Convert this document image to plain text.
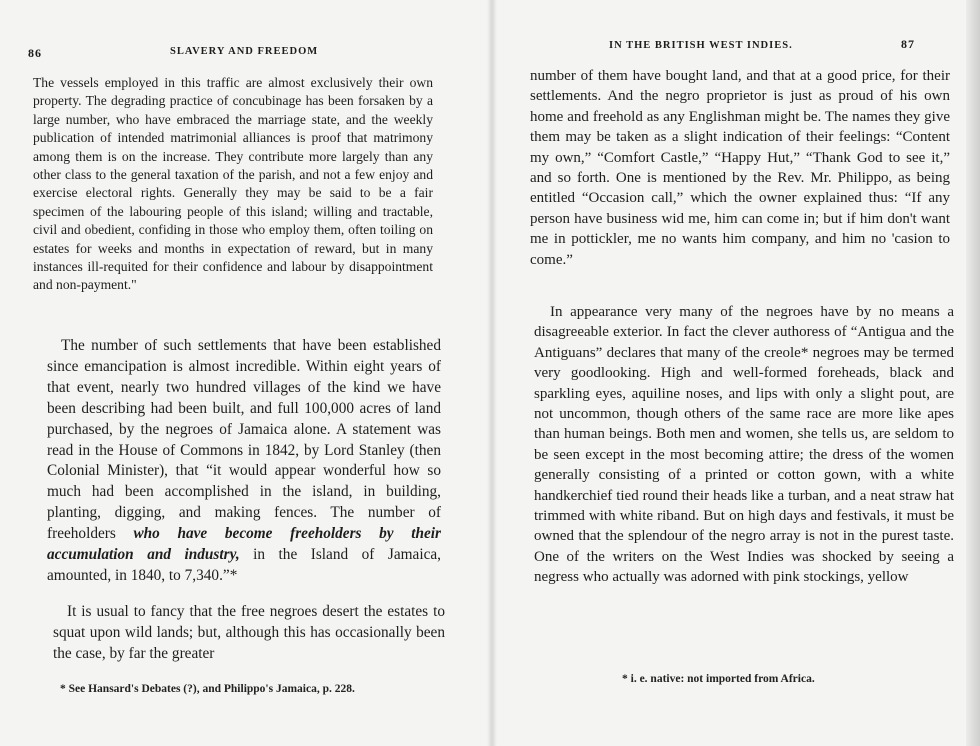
86	SLAVERY AND FREEDOM
The vessels employed in this traffic are almost exclusively their own property. The degrading practice of concubinage has been forsaken by a large number, who have embraced the marriage state, and the weekly publication of intended matrimonial alliances is proof that matrimony among them is on the increase. They contribute more largely than any other class to the general taxation of the parish, and not a few enjoy and exercise electoral rights. Generally they may be said to be a fair specimen of the labouring people of this island; willing and tractable, civil and obedient, confiding in those who employ them, often toiling on estates for weeks and months in expectation of reward, but in many instances ill-requited for their confidence and labour by disappointment and non-payment."
The number of such settlements that have been established since emancipation is almost incredible. Within eight years of that event, nearly two hundred villages of the kind we have been describing had been built, and full 100,000 acres of land purchased, by the negroes of Jamaica alone. A statement was read in the House of Commons in 1842, by Lord Stanley (then Colonial Minister), that “it would appear wonderful how so much had been accomplished in the island, in building, planting, digging, and making fences. The number of freeholders who have become freeholders by their accumulation and industry, in the Island of Jamaica, amounted, in 1840, to 7,340.”*
It is usual to fancy that the free negroes desert the estates to squat upon wild lands; but, although this has occasionally been the case, by far the greater
* See Hansard's Debates (?), and Philippo's Jamaica, p. 228.
IN THE BRITISH WEST INDIES.	87
number of them have bought land, and that at a good price, for their settlements. And the negro proprietor is just as proud of his own home and freehold as any Englishman might be. The names they give them may be taken as a slight indication of their feelings: “Content my own,” “Comfort Castle,” “Happy Hut,” “Thank God to see it,” and so forth. One is mentioned by the Rev. Mr. Philippo, as being entitled “Occasion call,” which the owner explained thus: “If any person have business wid me, him can come in; but if him don't want me in pottickler, me no wants him company, and him no 'casion to come.”
In appearance very many of the negroes have by no means a disagreeable exterior. In fact the clever authoress of “Antigua and the Antiguans” declares that many of the creole* negroes may be termed very goodlooking. High and well-formed foreheads, black and sparkling eyes, aquiline noses, and lips with only a slight pout, are not uncommon, though others of the same race are more like apes than human beings. Both men and women, she tells us, are seldom to be seen except in the most becoming attire; the dress of the women generally consisting of a printed or cotton gown, with a white handkerchief tied round their heads like a turban, and a neat straw hat trimmed with white riband. But on high days and festivals, it must be owned that the splendour of the negro array is not in the purest taste. One of the writers on the West Indies was shocked by seeing a negress who actually was adorned with pink stockings, yellow
* i. e. native: not imported from Africa.
